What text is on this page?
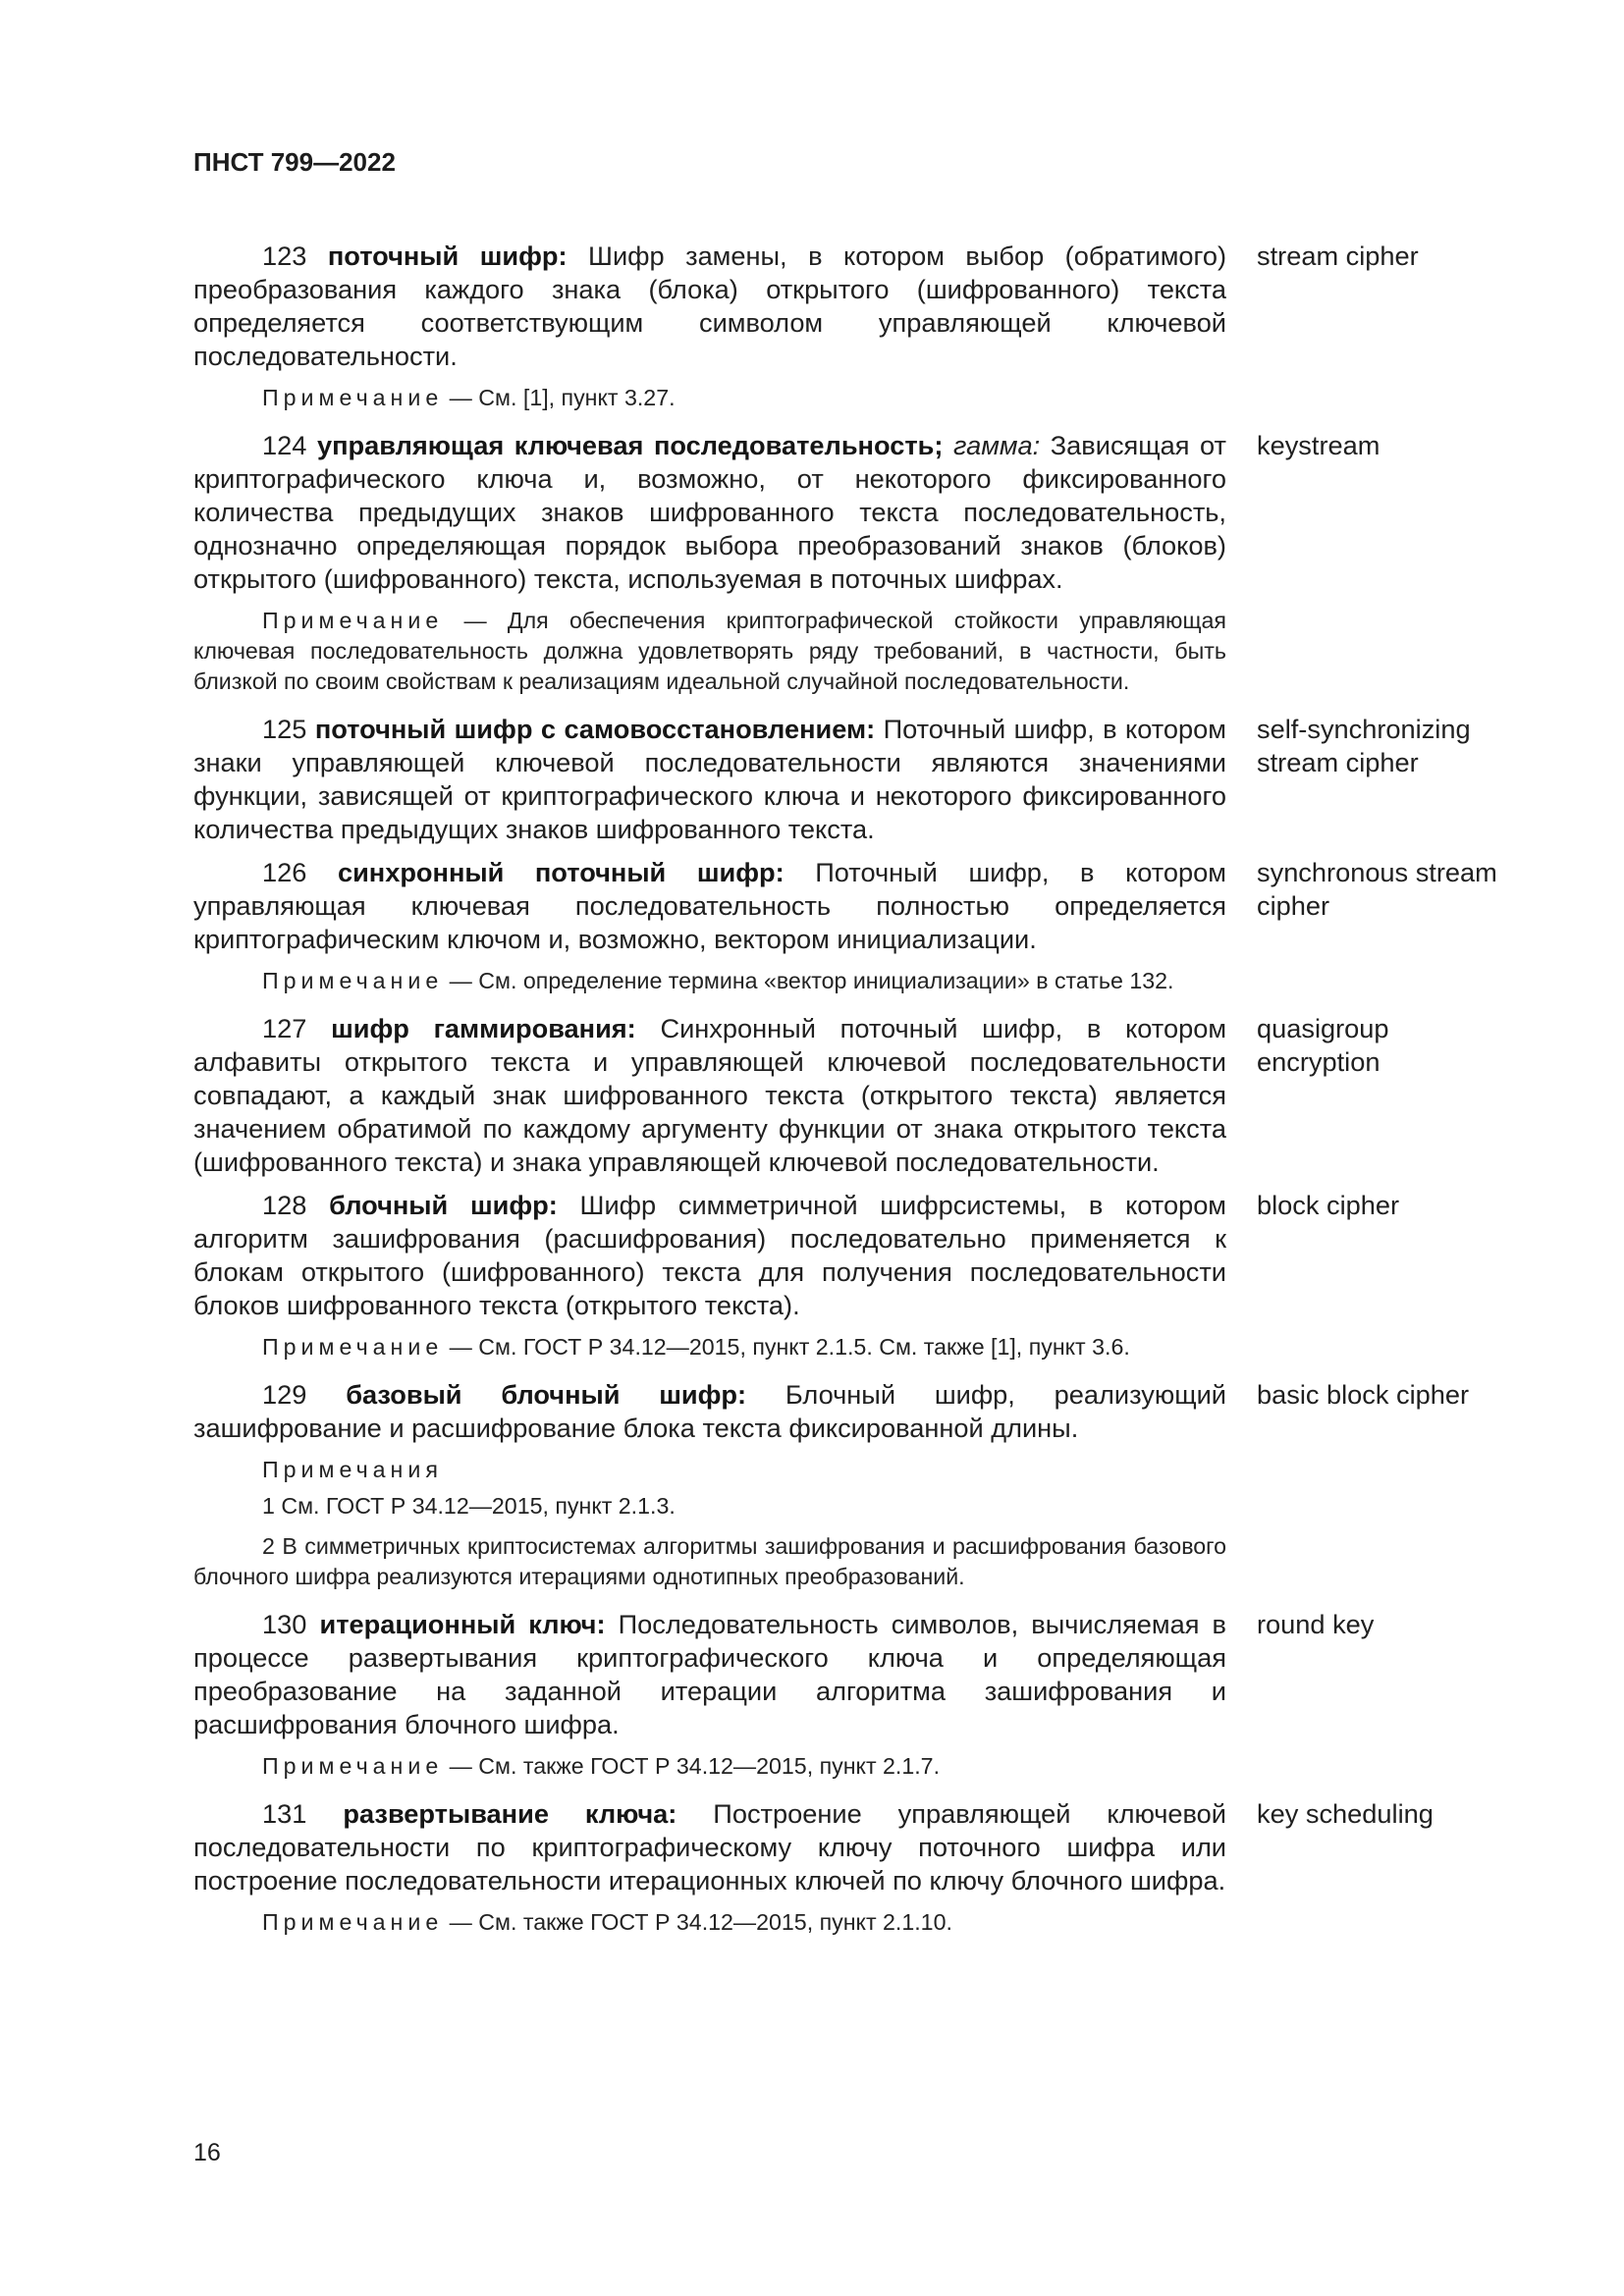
ПНСТ 799—2022
123 поточный шифр: Шифр замены, в котором выбор (обратимого) преобразования каждого знака (блока) открытого (шифрованного) текста определяется соответствующим символом управляющей ключевой последовательности.
stream cipher
Примечание — См. [1], пункт 3.27.
124 управляющая ключевая последовательность; гамма: Зависящая от криптографического ключа и, возможно, от некоторого фиксированного количества предыдущих знаков шифрованного текста последовательность, однозначно определяющая порядок выбора преобразований знаков (блоков) открытого (шифрованного) текста, используемая в поточных шифрах.
keystream
Примечание — Для обеспечения криптографической стойкости управляющая ключевая последовательность должна удовлетворять ряду требований, в частности, быть близкой по своим свойствам к реализациям идеальной случайной последовательности.
125 поточный шифр с самовосстановлением: Поточный шифр, в котором знаки управляющей ключевой последовательности являются значениями функции, зависящей от криптографического ключа и некоторого фиксированного количества предыдущих знаков шифрованного текста.
self-synchronizing stream cipher
126 синхронный поточный шифр: Поточный шифр, в котором управляющая ключевая последовательность полностью определяется криптографическим ключом и, возможно, вектором инициализации.
synchronous stream cipher
Примечание — См. определение термина «вектор инициализации» в статье 132.
127 шифр гаммирования: Синхронный поточный шифр, в котором алфавиты открытого текста и управляющей ключевой последовательности совпадают, а каждый знак шифрованного текста (открытого текста) является значением обратимой по каждому аргументу функции от знака открытого текста (шифрованного текста) и знака управляющей ключевой последовательности.
quasigroup encryption
128 блочный шифр: Шифр симметричной шифрсистемы, в котором алгоритм зашифрования (расшифрования) последовательно применяется к блокам открытого (шифрованного) текста для получения последовательности блоков шифрованного текста (открытого текста).
block cipher
Примечание — См. ГОСТ Р 34.12—2015, пункт 2.1.5. См. также [1], пункт 3.6.
129 базовый блочный шифр: Блочный шифр, реализующий зашифрование и расшифрование блока текста фиксированной длины.
basic block cipher
Примечания
1 См. ГОСТ Р 34.12—2015, пункт 2.1.3.
2 В симметричных криптосистемах алгоритмы зашифрования и расшифрования базового блочного шифра реализуются итерациями однотипных преобразований.
130 итерационный ключ: Последовательность символов, вычисляемая в процессе развертывания криптографического ключа и определяющая преобразование на заданной итерации алгоритма зашифрования и расшифрования блочного шифра.
round key
Примечание — См. также ГОСТ Р 34.12—2015, пункт 2.1.7.
131 развертывание ключа: Построение управляющей ключевой последовательности по криптографическому ключу поточного шифра или построение последовательности итерационных ключей по ключу блочного шифра.
key scheduling
Примечание — См. также ГОСТ Р 34.12—2015, пункт 2.1.10.
16
